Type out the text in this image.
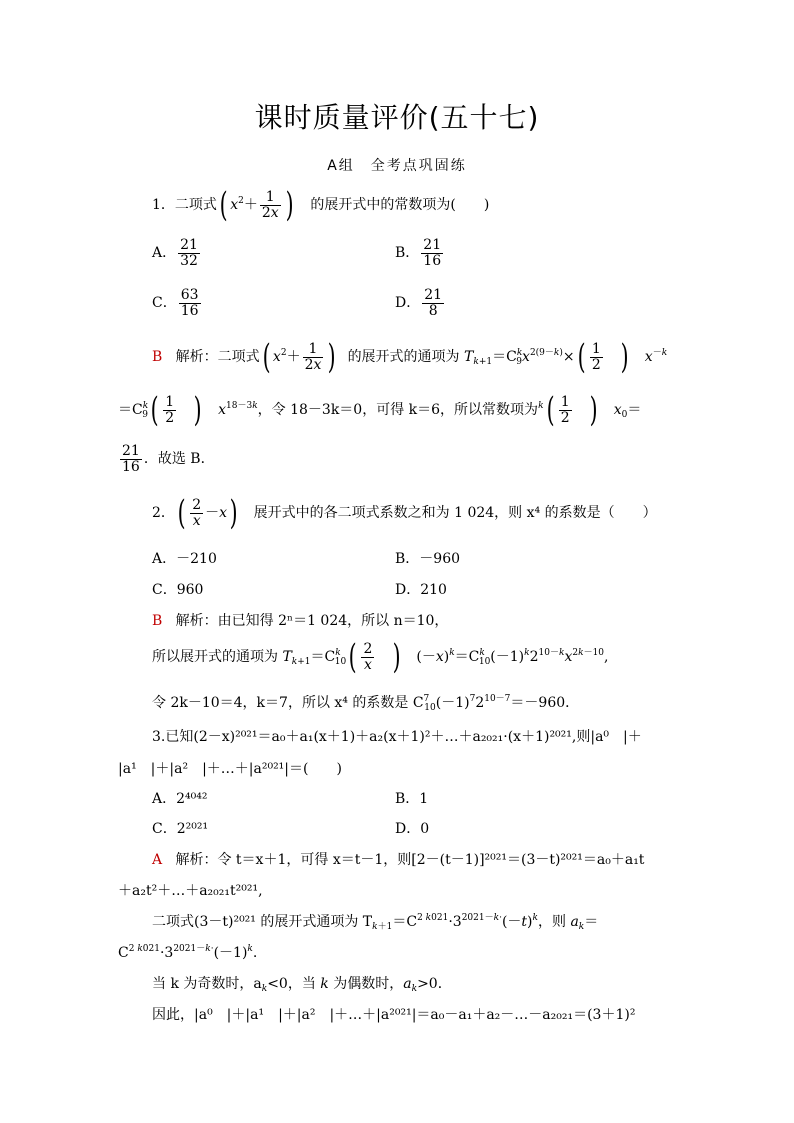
课时质量评价(五十七)
A组　全考点巩固练
1．二项式( $x^2+ \frac{1}{2x}$ ) 的展开式中的常数项为(　　)
A． $\frac{21}{32}$	B． $\frac{21}{16}$
C． $\frac{63}{16}$	D． $\frac{21}{8}$
B 解析：二项式( $x^2+ \frac{1}{2x}$ ) 的展开式的通项为 $T_{k+1}=C^k_9x^{2(9-k)}\times( \frac{1}{2}$ ) $x^{-k}$
$=C^k_9( \frac{1}{2}$ ) $x^{18-3k}$，令 18－3k＝0，可得 k＝6，所以常数项为$^k( \frac{1}{2}$ ) $x_0=$
$\frac{21}{16}$ ．故选 B．
2．( $\frac{2}{x} -x$) 展开式中的各二项式系数之和为 1 024，则 x⁴ 的系数是（　　）
A．－210	B．－960
C．960	D．210
B 解析：由已知得 2ⁿ＝1 024，所以 n＝10，
所以展开式的通项为 $T_{k+1}=C^k_{10}( \frac{2}{x}$ )   $(-x)^k=C^k_{10}(-1)^k2^{10-k}x^{2k-10}$,
令 2k－10＝4，k＝7，所以 x⁴ 的系数是 $C^7_{10}(-1)^72^{10-7}=-960$．
3.已知(2－x)²⁰²¹＝a₀＋a₁(x＋1)＋a₂(x＋1)²＋…＋a₂₀₂₁·(x＋1)²⁰²¹,则|a⁰　|＋
|a¹　|＋|a²　|＋…＋|a²⁰²¹|＝(　　)
A．2⁴⁰⁴²	B．1
C．2²⁰²¹	D．0
A 解析：令 t＝x＋1，可得 x＝t－1，则[2－(t－1)]²⁰²¹＝(3－t)²⁰²¹＝a₀＋a₁t
＋a₂t²＋…＋a₂₀₂₁t²⁰²¹,
二项式(3－t)²⁰²¹ 的展开式通项为 $T_{k+1}=C^{2 k021}\cdot 3^{2021-k\cdot}(-t)^k$，则 $a_k=$
$C^{2 k021}\cdot 3^{2021-k\cdot}(-1)^k$.
当 k 为奇数时，$a_k<0$，当 k 为偶数时，$a_k>0$．
因此，|a⁰　|＋|a¹　|＋|a²　|＋…＋|a²⁰²¹|＝a₀－a₁＋a₂－…－a₂₀₂₁＝(3＋1)²
